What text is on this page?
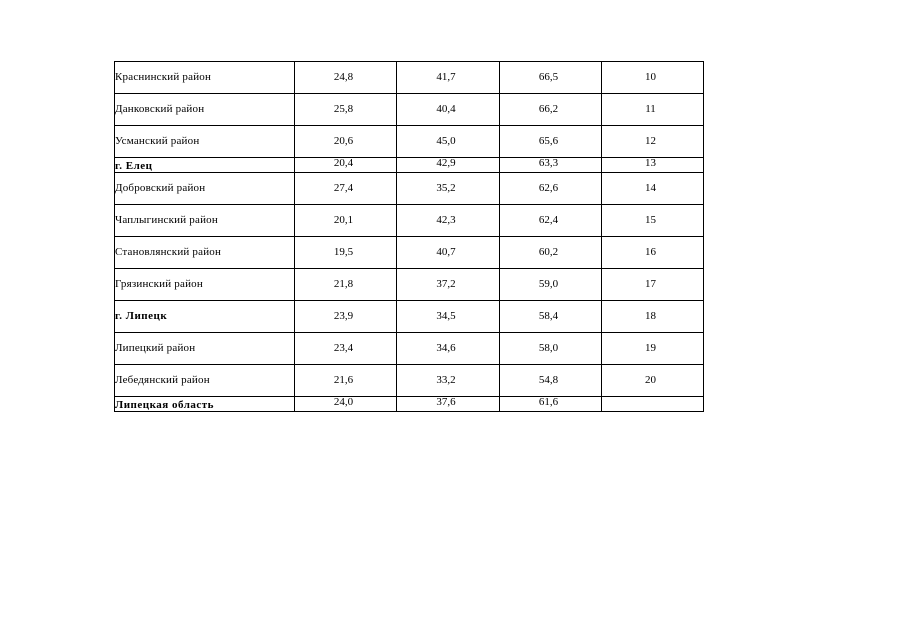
Краснинский район	24,8	41,7	66,5	10
Данковский район	25,8	40,4	66,2	11
Усманский район	20,6	45,0	65,6	12
г. Елец	20,4	42,9	63,3	13
Добровский район	27,4	35,2	62,6	14
Чаплыгинский район	20,1	42,3	62,4	15
Становлянский район	19,5	40,7	60,2	16
Грязинский район	21,8	37,2	59,0	17
г. Липецк	23,9	34,5	58,4	18
Липецкий район	23,4	34,6	58,0	19
Лебедянский район	21,6	33,2	54,8	20
Липецкая область	24,0	37,6	61,6	
